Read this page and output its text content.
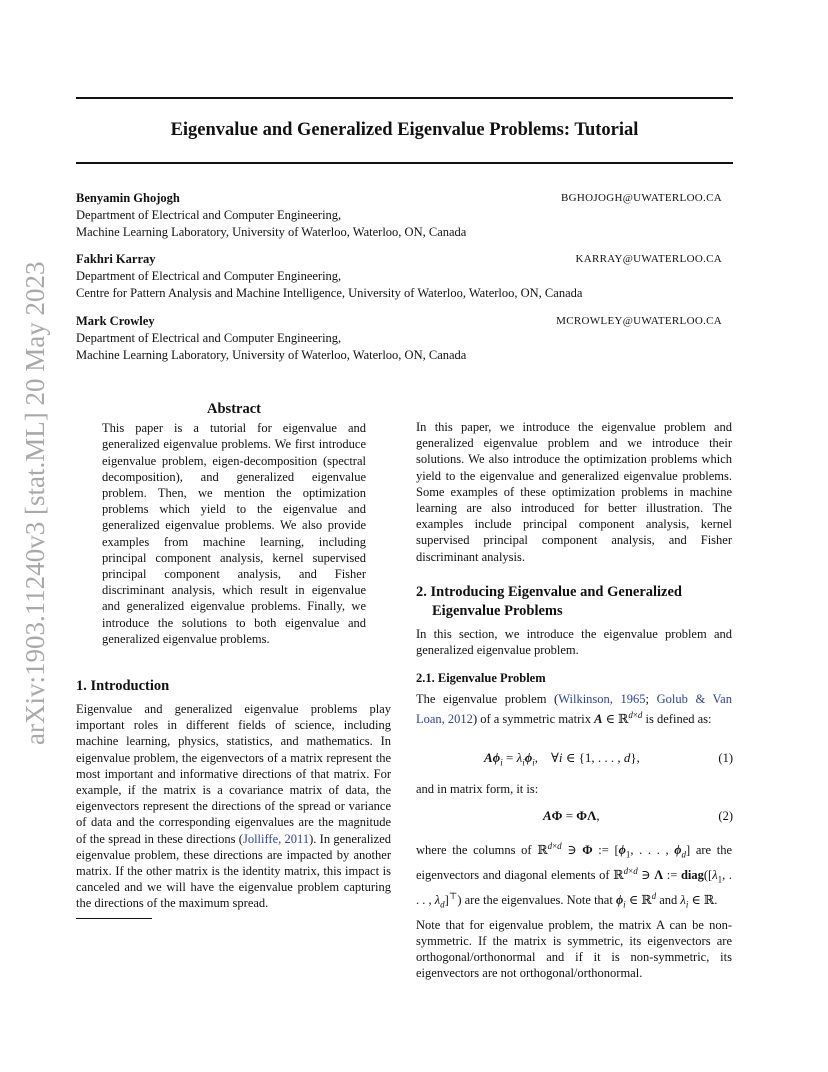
arXiv:1903.11240v3 [stat.ML] 20 May 2023
Eigenvalue and Generalized Eigenvalue Problems: Tutorial
Benyamin Ghojogh	BGHOJOGH@UWATERLOO.CA
Department of Electrical and Computer Engineering,
Machine Learning Laboratory, University of Waterloo, Waterloo, ON, Canada
Fakhri Karray	KARRAY@UWATERLOO.CA
Department of Electrical and Computer Engineering,
Centre for Pattern Analysis and Machine Intelligence, University of Waterloo, Waterloo, ON, Canada
Mark Crowley	MCROWLEY@UWATERLOO.CA
Department of Electrical and Computer Engineering,
Machine Learning Laboratory, University of Waterloo, Waterloo, ON, Canada
Abstract

This paper is a tutorial for eigenvalue and generalized eigenvalue problems. We first introduce eigenvalue problem, eigen-decomposition (spectral decomposition), and generalized eigenvalue problem. Then, we mention the optimization problems which yield to the eigenvalue and generalized eigenvalue problems. We also provide examples from machine learning, including principal component analysis, kernel supervised principal component analysis, and Fisher discriminant analysis, which result in eigenvalue and generalized eigenvalue problems. Finally, we introduce the solutions to both eigenvalue and generalized eigenvalue problems.

1. Introduction

Eigenvalue and generalized eigenvalue problems play important roles in different fields of science, including machine learning, physics, statistics, and mathematics. In eigenvalue problem, the eigenvectors of a matrix represent the most important and informative directions of that matrix. For example, if the matrix is a covariance matrix of data, the eigenvectors represent the directions of the spread or variance of data and the corresponding eigenvalues are the magnitude of the spread in these directions (Jolliffe, 2011). In generalized eigenvalue problem, these directions are impacted by another matrix. If the other matrix is the identity matrix, this impact is canceled and we will have the eigenvalue problem capturing the directions of the maximum spread.

In this paper, we introduce the eigenvalue problem and generalized eigenvalue problem and we introduce their solutions. We also introduce the optimization problems which yield to the eigenvalue and generalized eigenvalue problems. Some examples of these optimization problems in machine learning are also introduced for better illustration. The examples include principal component analysis, kernel supervised principal component analysis, and Fisher discriminant analysis.

2. Introducing Eigenvalue and Generalized
Eigenvalue Problems

In this section, we introduce the eigenvalue problem and generalized eigenvalue problem.

2.1. Eigenvalue Problem

The eigenvalue problem (Wilkinson, 1965; Golub & Van Loan, 2012) of a symmetric matrix A ∈ ℝ$^{d\times d}$ is defined as:

$A\phi_i = \lambda_i\phi_i$,    ∀i ∈ {1, . . . , d},	(1)

and in matrix form, it is:

AΦ = ΦΛ,	(2)

where the columns of ℝ$^{d\times d}$ ∋ Φ := [$\phi_1$, . . . , $\phi_d$] are the eigenvectors and diagonal elements of ℝ$^{d\times d}$ ∋ Λ := $diag([\lambda_1$, . . . , $\lambda_d]^⊤$) are the eigenvalues. Note that $\phi_i$ ∈ ℝ$^d$ and $\lambda_i$ ∈ ℝ.

Note that for eigenvalue problem, the matrix A can be non-symmetric. If the matrix is symmetric, its eigenvectors are orthogonal/orthonormal and if it is non-symmetric, its eigenvectors are not orthogonal/orthonormal.
